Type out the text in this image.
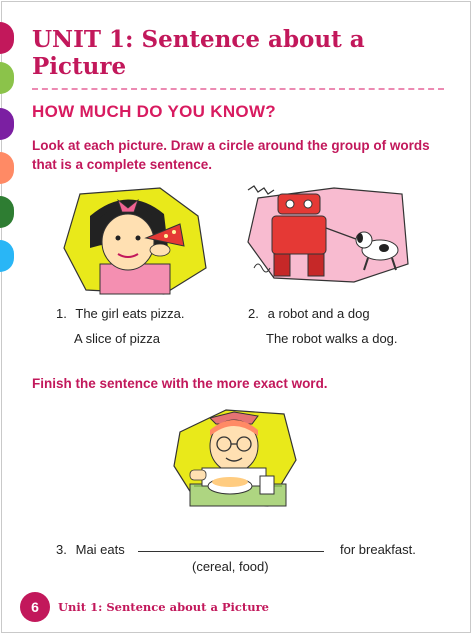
UNIT 1: Sentence about a Picture
HOW MUCH DO YOU KNOW?
Look at each picture. Draw a circle around the group of words that is a complete sentence.
1. The girl eats pizza.
A slice of pizza
2. a robot and a dog
The robot walks a dog.
Finish the sentence with the more exact word.
3. Mai eats	for breakfast.
(cereal, food)
6 Unit 1: Sentence about a Picture
